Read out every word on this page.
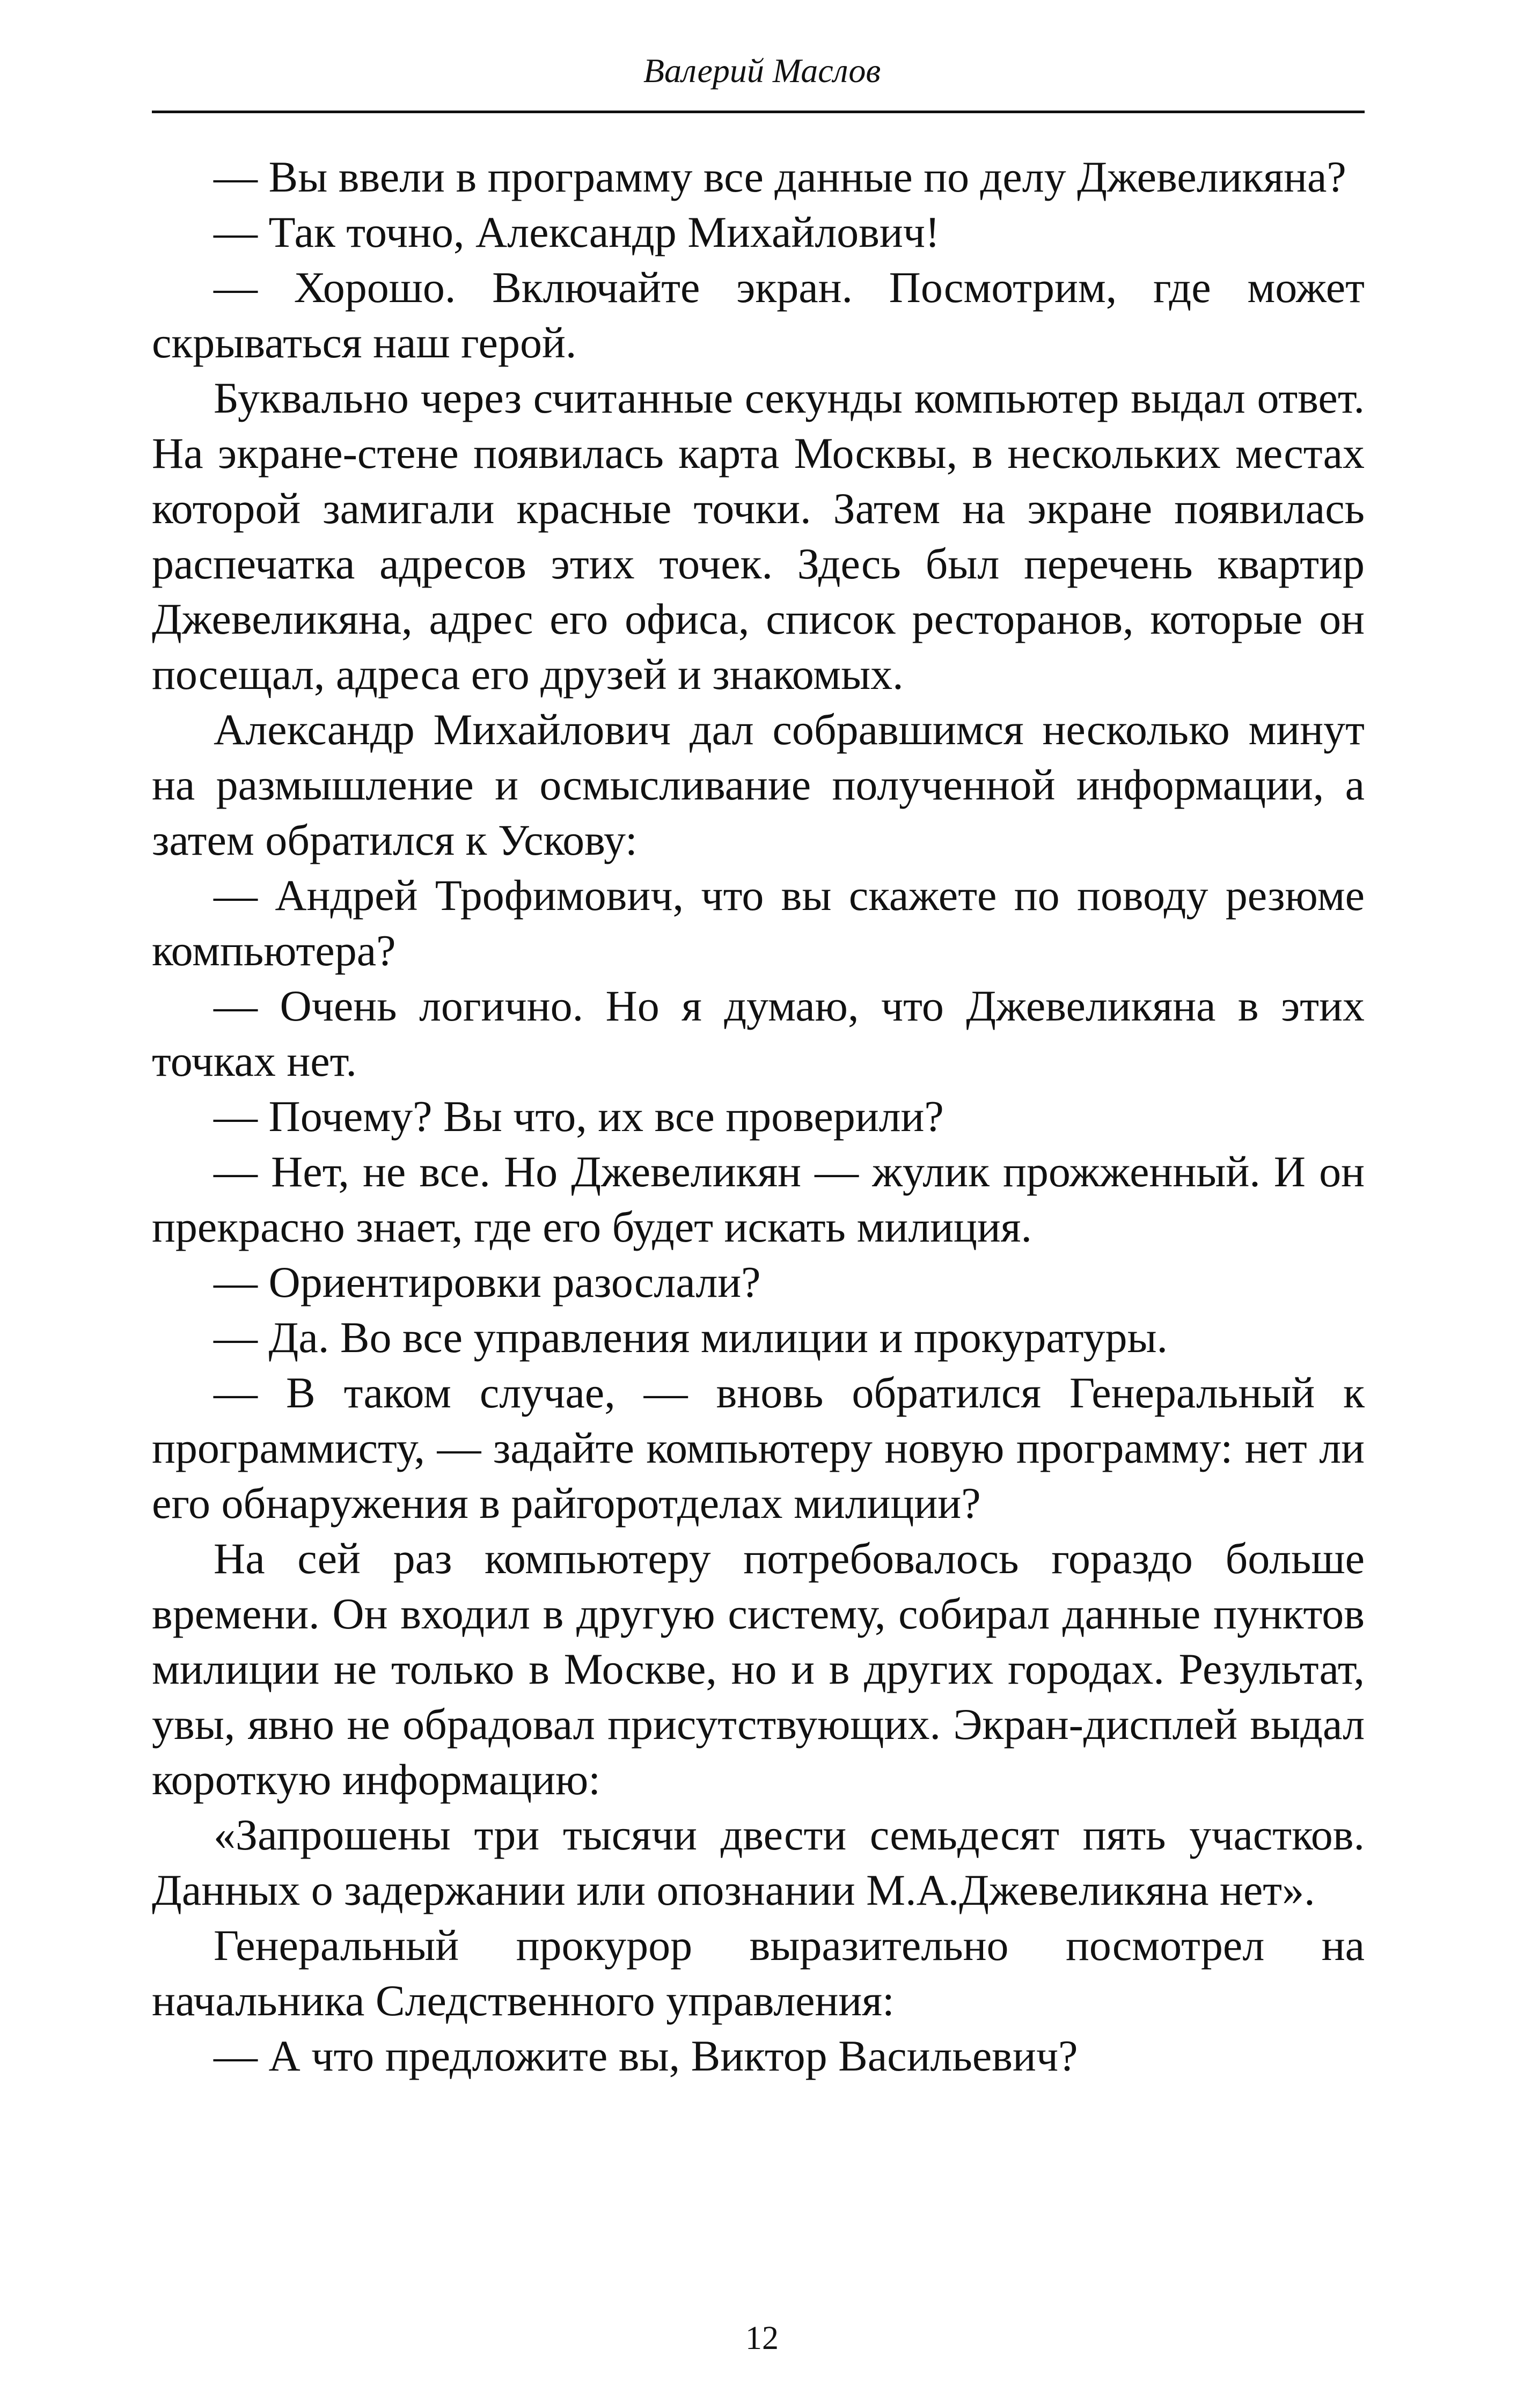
Валерий Маслов

— Вы ввели в программу все данные по делу Джевеликяна?

— Так точно, Александр Михайлович!

— Хорошо. Включайте экран. Посмотрим, где может скрываться наш герой.

Буквально через считанные секунды компьютер выдал ответ. На экране-стене появилась карта Москвы, в нескольких местах которой замигали красные точки. Затем на экране появилась распечатка адресов этих точек. Здесь был перечень квартир Джевеликяна, адрес его офиса, список ресторанов, которые он посещал, адреса его друзей и знакомых.

Александр Михайлович дал собравшимся несколько минут на размышление и осмысливание полученной информации, а затем обратился к Ускову:

— Андрей Трофимович, что вы скажете по поводу резюме компьютера?

— Очень логично. Но я думаю, что Джевеликяна в этих точках нет.

— Почему? Вы что, их все проверили?

— Нет, не все. Но Джевеликян — жулик прожженный. И он прекрасно знает, где его будет искать милиция.

— Ориентировки разослали?

— Да. Во все управления милиции и прокуратуры.

— В таком случае, — вновь обратился Генеральный к программисту, — задайте компьютеру новую программу: нет ли его обнаружения в райгоротделах милиции?

На сей раз компьютеру потребовалось гораздо больше времени. Он входил в другую систему, собирал данные пунктов милиции не только в Москве, но и в других городах. Результат, увы, явно не обрадовал присутствующих. Экран-дисплей выдал короткую информацию:

«Запрошены три тысячи двести семьдесят пять участков. Данных о задержании или опознании М.А.Джевеликяна нет».

Генеральный прокурор выразительно посмотрел на начальника Следственного управления:

— А что предложите вы, Виктор Васильевич?

12
